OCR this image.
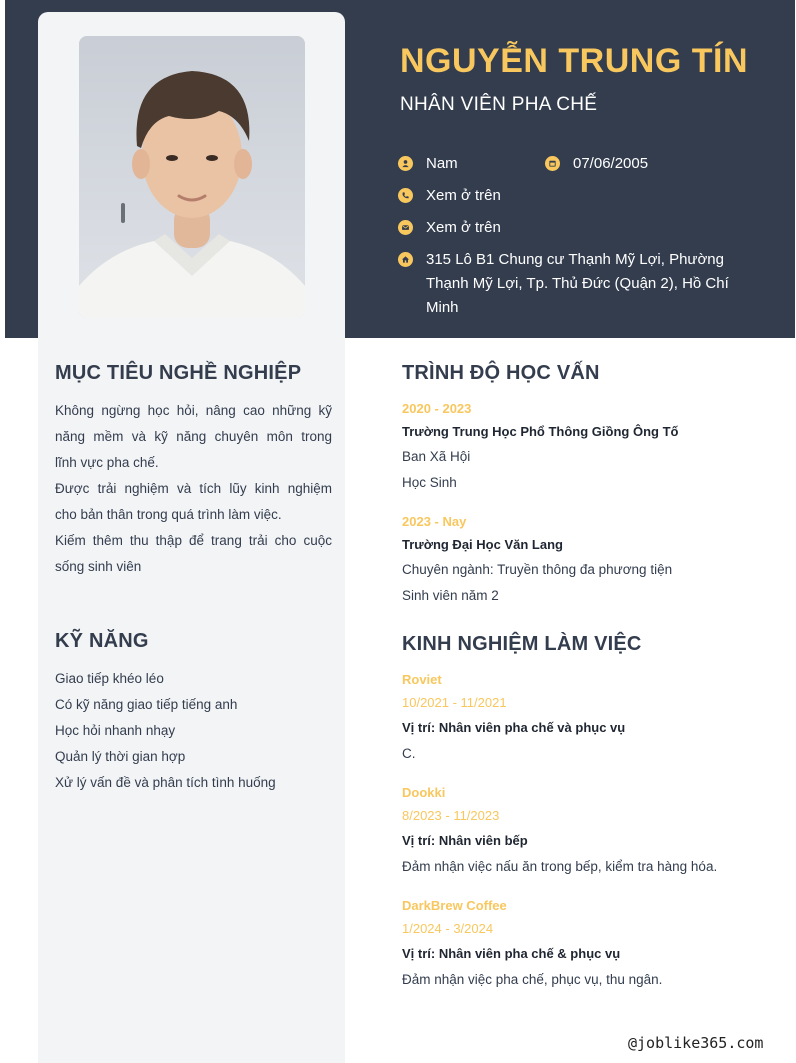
NGUYỄN TRUNG TÍN
NHÂN VIÊN PHA CHẾ
Nam	07/06/2005
Xem ở trên
Xem ở trên
315 Lô B1 Chung cư Thạnh Mỹ Lợi, Phường
Thạnh Mỹ Lợi, Tp. Thủ Đức (Quận 2), Hồ Chí
Minh
MỤC TIÊU NGHỀ NGHIỆP
Không ngừng học hỏi, nâng cao những kỹ
năng mềm và kỹ năng chuyên môn trong
lĩnh vực pha chế.
Được trải nghiệm và tích lũy kinh nghiệm
cho bản thân trong quá trình làm việc.
Kiếm thêm thu thập để trang trải cho cuộc
sống sinh viên
KỸ NĂNG
Giao tiếp khéo léo
Có kỹ năng giao tiếp tiếng anh
Học hỏi nhanh nhạy
Quản lý thời gian hợp
Xử lý vấn đề và phân tích tình huống
TRÌNH ĐỘ HỌC VẤN
2020 - 2023
Trường Trung Học Phổ Thông Giồng Ông Tố
Ban Xã Hội
Học Sinh
2023 - Nay
Trường Đại Học Văn Lang
Chuyên ngành: Truyền thông đa phương tiện
Sinh viên năm 2
KINH NGHIỆM LÀM VIỆC
Roviet
10/2021 - 11/2021
Vị trí: Nhân viên pha chế và phục vụ
C.
Dookki
8/2023 - 11/2023
Vị trí: Nhân viên bếp
Đảm nhận việc nấu ăn trong bếp, kiểm tra hàng hóa.
DarkBrew Coffee
1/2024 - 3/2024
Vị trí: Nhân viên pha chế & phục vụ
Đảm nhận việc pha chế, phục vụ, thu ngân.
@joblike365.com
